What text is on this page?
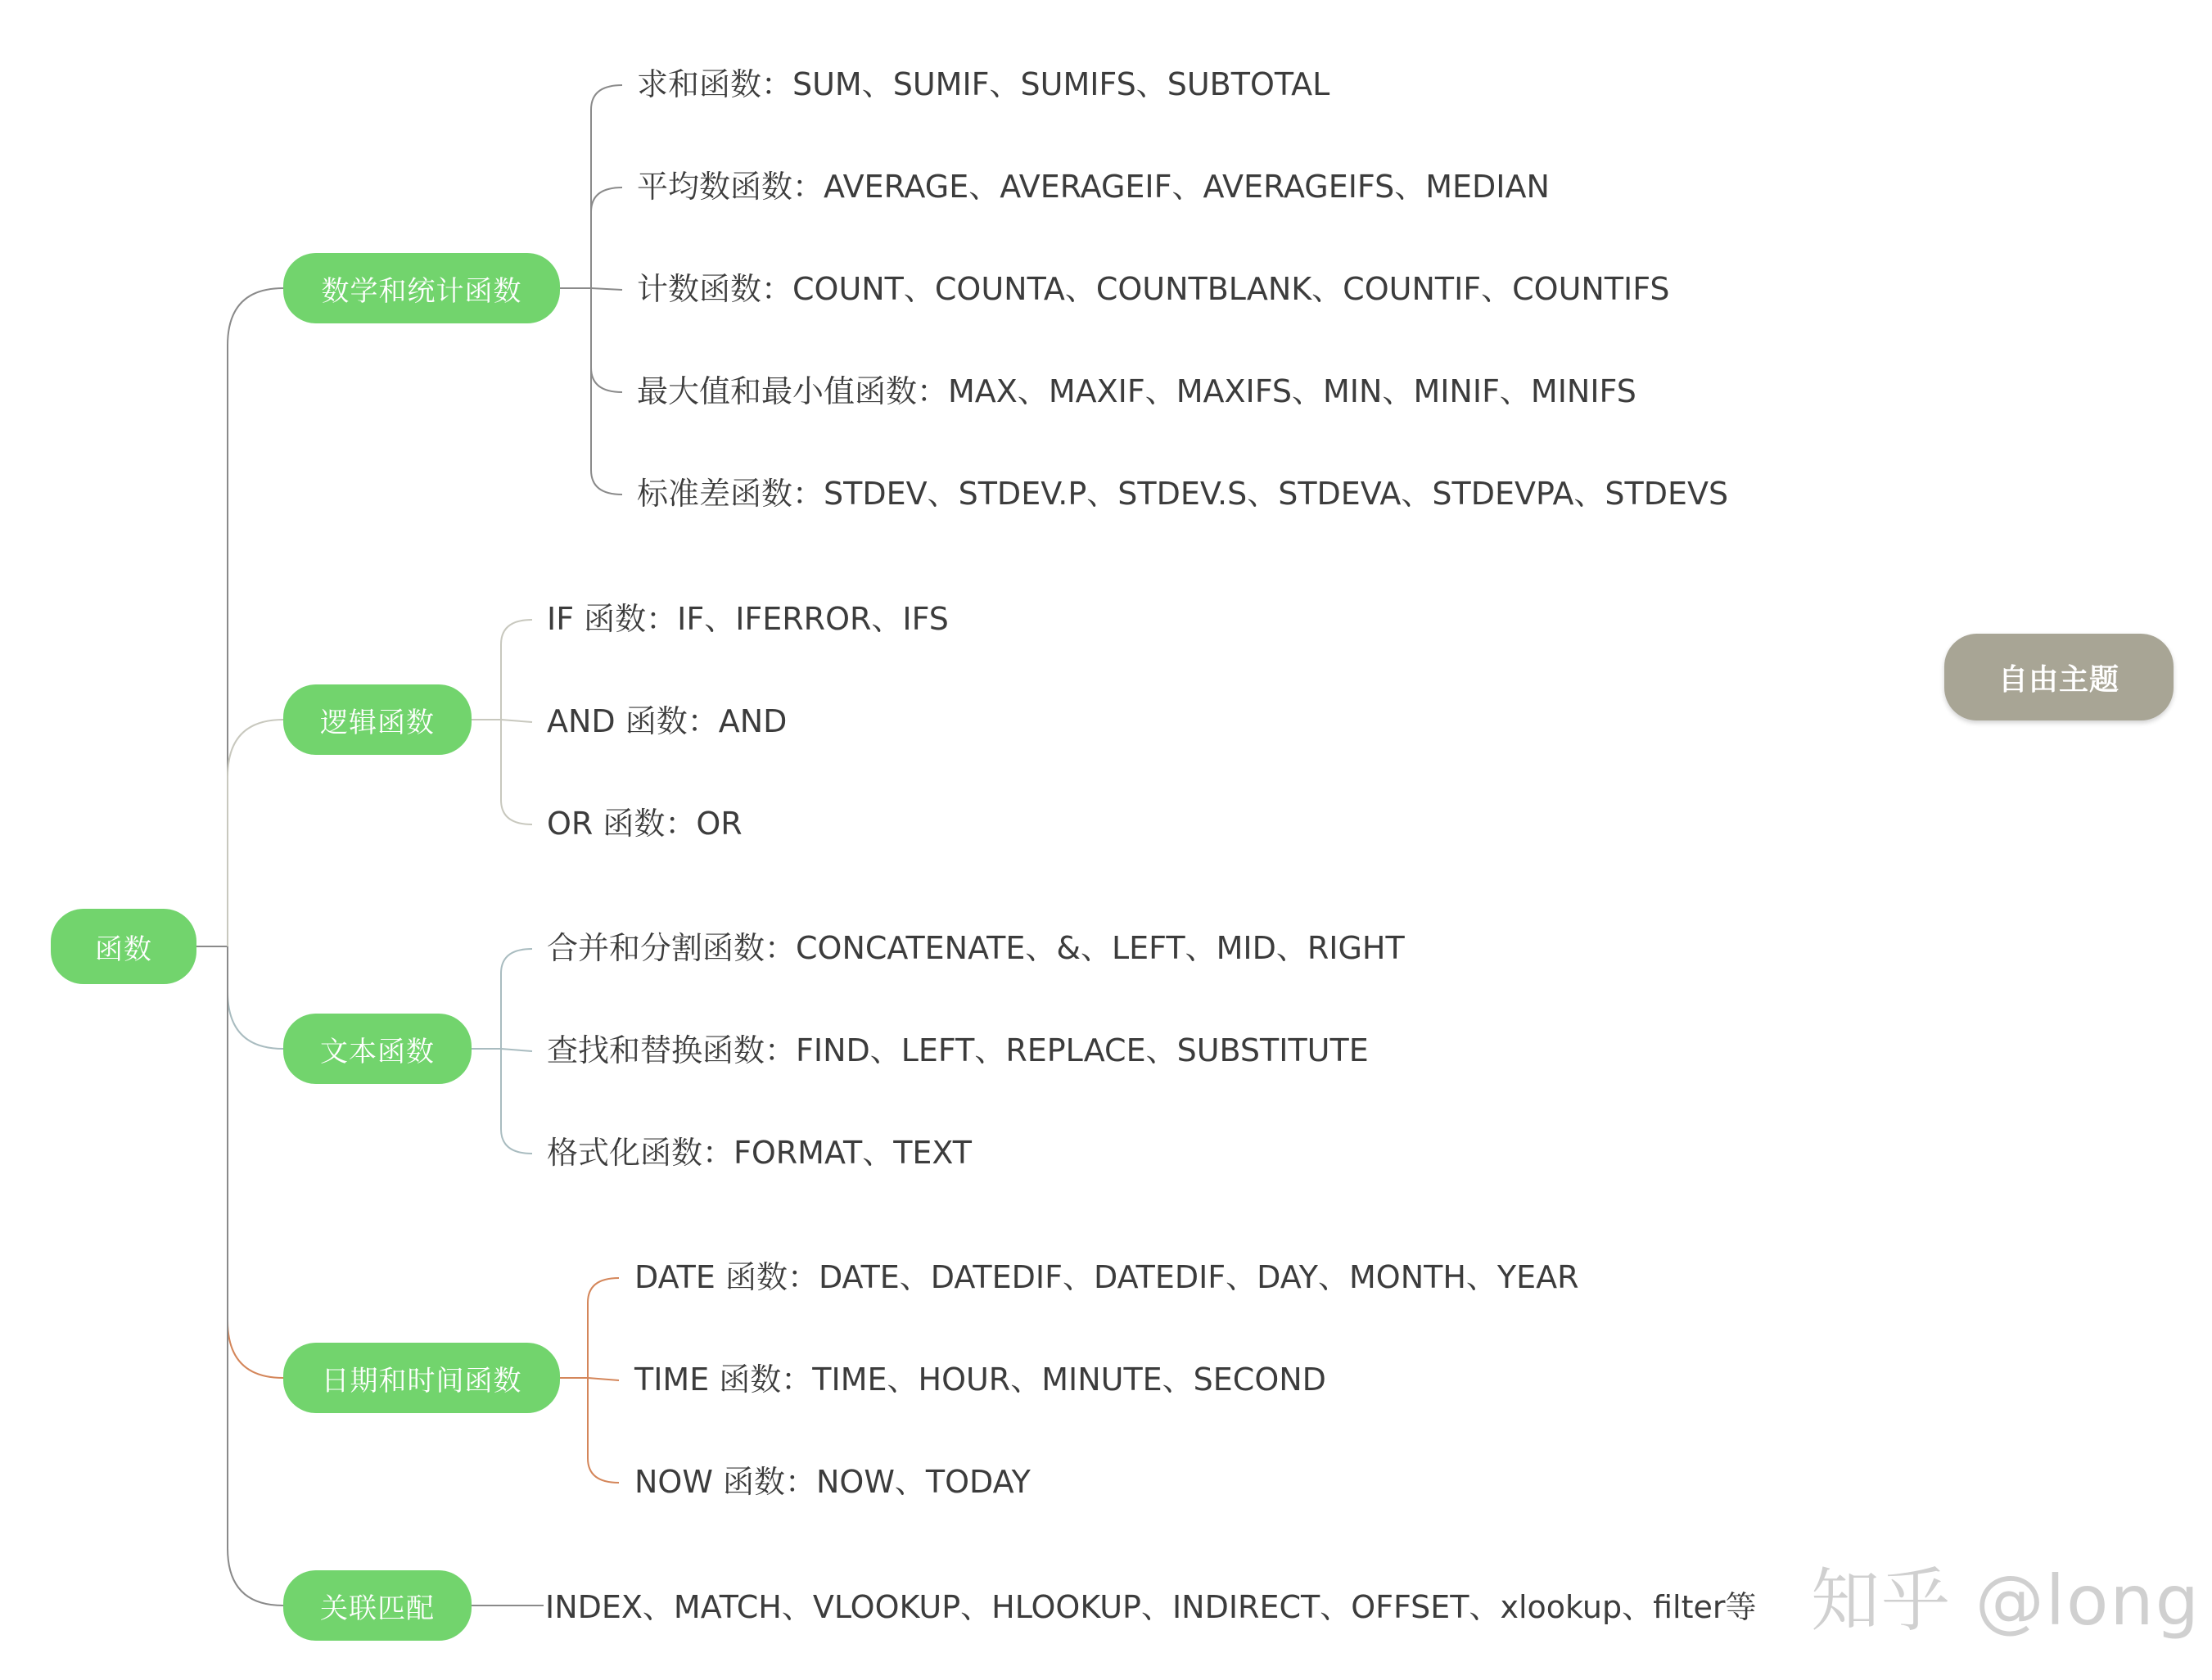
函数
自由主题
数学和统计函数
求和函数：SUM、SUMIF、SUMIFS、SUBTOTAL
平均数函数：AVERAGE、AVERAGEIF、AVERAGEIFS、MEDIAN
计数函数：COUNT、COUNTA、COUNTBLANK、COUNTIF、COUNTIFS
最大值和最小值函数：MAX、MAXIF、MAXIFS、MIN、MINIF、MINIFS
标准差函数：STDEV、STDEV.P、STDEV.S、STDEVA、STDEVPA、STDEVS
逻辑函数
IF 函数：IF、IFERROR、IFS
AND 函数：AND
OR 函数：OR
文本函数
合并和分割函数：CONCATENATE、&、LEFT、MID、RIGHT
查找和替换函数：FIND、LEFT、REPLACE、SUBSTITUTE
格式化函数：FORMAT、TEXT
日期和时间函数
DATE 函数：DATE、DATEDIF、DATEDIF、DAY、MONTH、YEAR
TIME 函数：TIME、HOUR、MINUTE、SECOND
NOW 函数：NOW、TODAY
关联匹配	INDEX、MATCH、VLOOKUP、HLOOKUP、INDIRECT、OFFSET、xlookup、filter等 知乎 @long
